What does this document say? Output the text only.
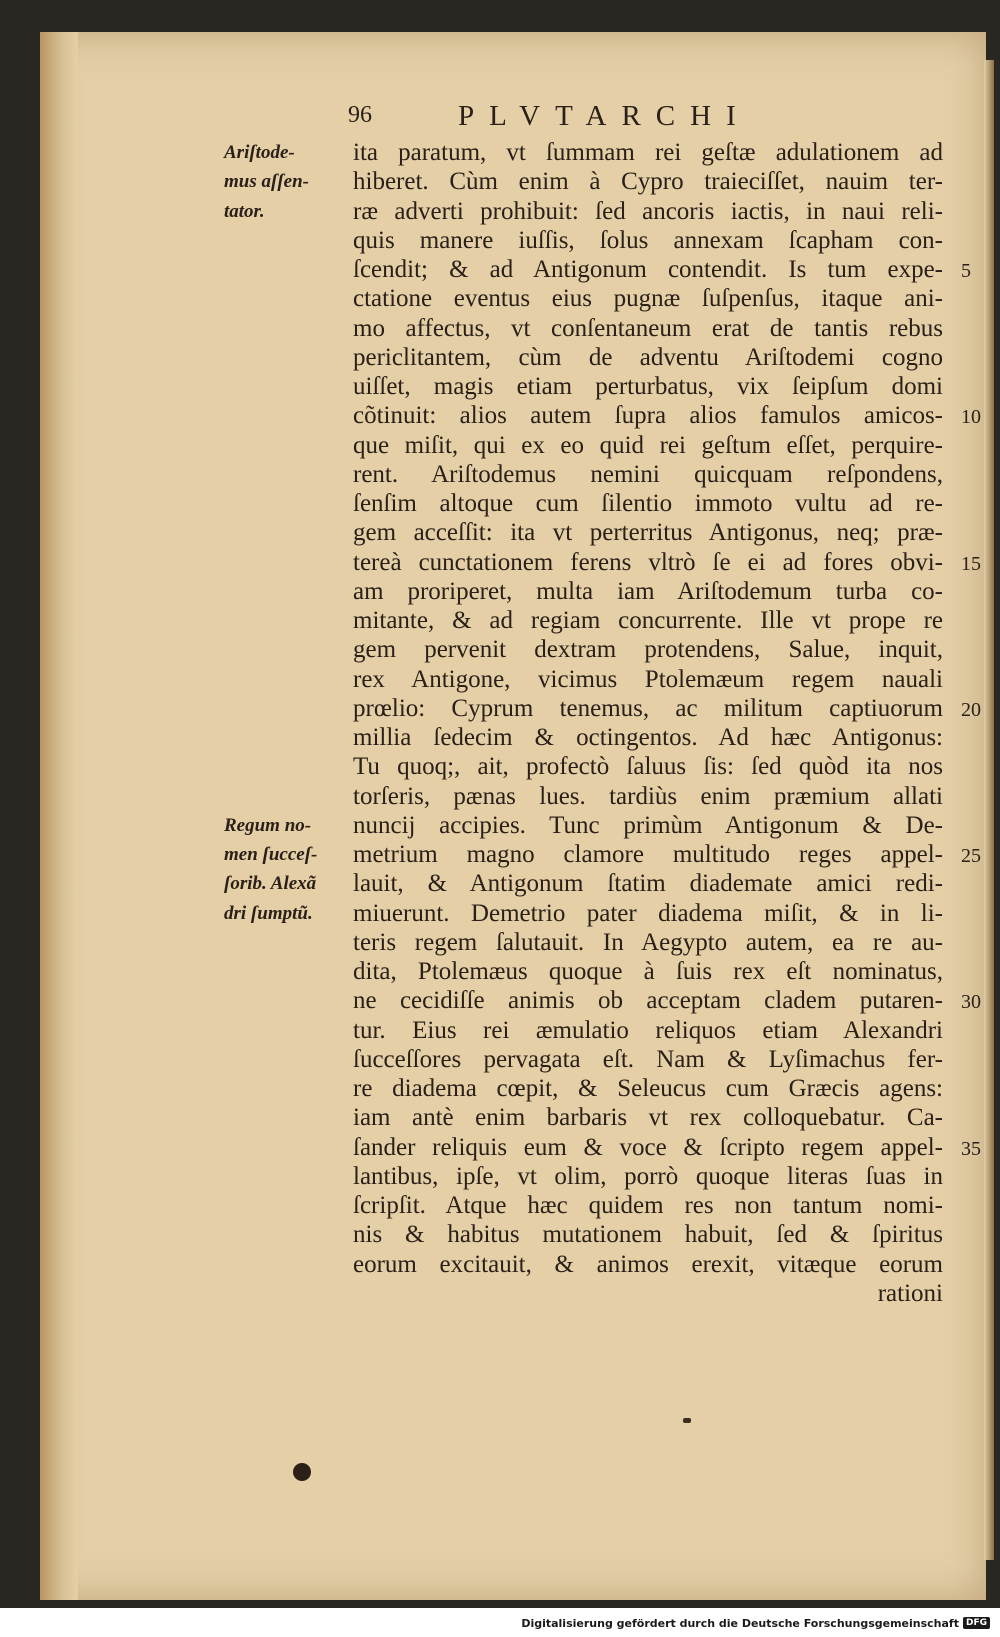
96	PLVTARCHI
ita paratum, vt ſummam rei geſtæ adulationem ad
hiberet. Cùm enim à Cypro traieciſſet, nauim ter-
ræ adverti prohibuit: ſed ancoris iactis, in naui reli-
quis manere iuſſis, ſolus annexam ſcapham con-
ſcendit; & ad Antigonum contendit. Is tum expe-
ctatione eventus eius pugnæ ſuſpenſus, itaque ani-
mo affectus, vt conſentaneum erat de tantis rebus
periclitantem, cùm de adventu Ariſtodemi cogno
uiſſet, magis etiam perturbatus, vix ſeipſum domi
cõtinuit: alios autem ſupra alios famulos amicos-
que miſit, qui ex eo quid rei geſtum eſſet, perquire-
rent. Ariſtodemus nemini quicquam reſpondens,
ſenſim altoque cum ſilentio immoto vultu ad re-
gem acceſſit: ita vt perterritus Antigonus, neq; præ-
tereà cunctationem ferens vltrò ſe ei ad fores obvi-
am proriperet, multa iam Ariſtodemum turba co-
mitante, & ad regiam concurrente. Ille vt prope re
gem pervenit dextram protendens, Salue, inquit,
rex Antigone, vicimus Ptolemæum regem nauali
prœlio: Cyprum tenemus, ac militum captiuorum
millia ſedecim & octingentos. Ad hæc Antigonus:
Tu quoq;, ait, profectò ſaluus ſis: ſed quòd ita nos
torſeris, pænas lues. tardiùs enim præmium allati
nuncij accipies. Tunc primùm Antigonum & De-
metrium magno clamore multitudo reges appel-
lauit, & Antigonum ſtatim diademate amici redi-
miuerunt. Demetrio pater diadema miſit, & in li-
teris regem ſalutauit. In Aegypto autem, ea re au-
dita, Ptolemæus quoque à ſuis rex eſt nominatus,
ne cecidiſſe animis ob acceptam cladem putaren-
tur. Eius rei æmulatio reliquos etiam Alexandri
ſucceſſores pervagata eſt. Nam & Lyſimachus fer-
re diadema cœpit, & Seleucus cum Græcis agens:
iam antè enim barbaris vt rex colloquebatur. Ca-
ſander reliquis eum & voce & ſcripto regem appel-
lantibus, ipſe, vt olim, porrò quoque literas ſuas in
ſcripſit. Atque hæc quidem res non tantum nomi-
nis & habitus mutationem habuit, ſed & ſpiritus
eorum excitauit, & animos erexit, vitæque eorum
rationi
5
10
15
20
25
30
35
Ariſtode-
mus aſſen-
tator.
Regum no-
men ſucceſ-
ſorib. Alexã
dri ſumptũ.
Digitalisierung gefördert durch die Deutsche Forschungsgemeinschaft DFG
